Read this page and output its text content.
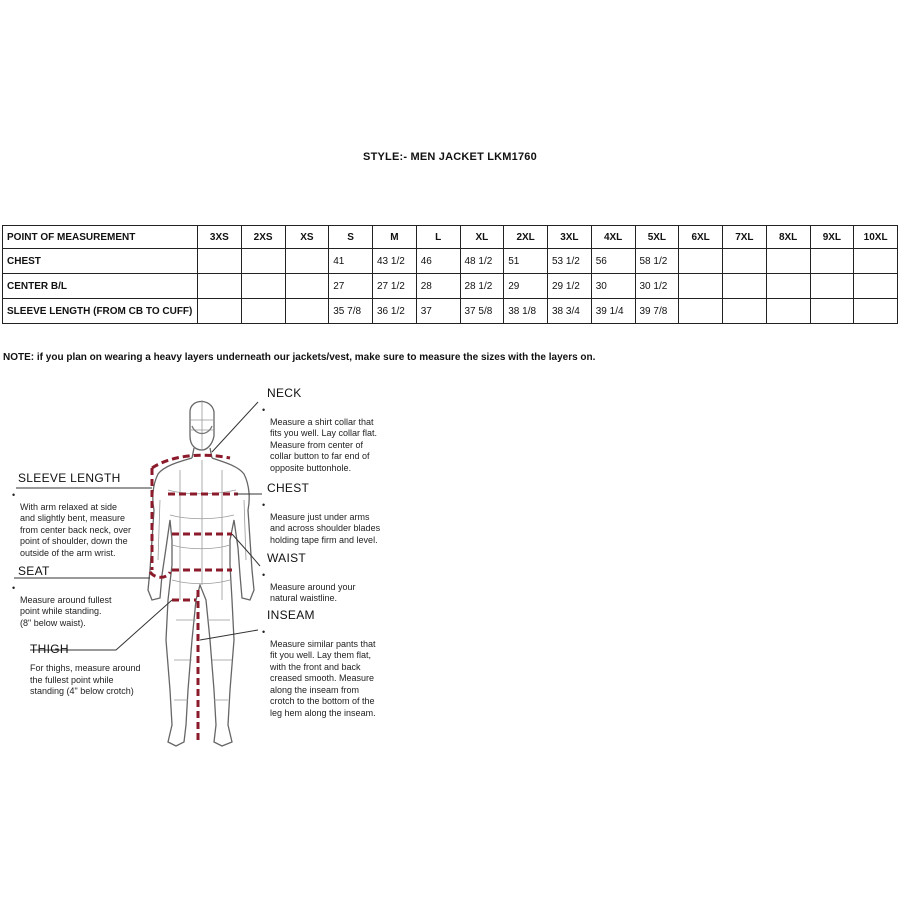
STYLE:- MEN JACKET LKM1760
POINT OF MEASUREMENT	3XS	2XS	XS	S	M	L	XL	2XL	3XL	4XL	5XL	6XL	7XL	8XL	9XL	10XL
CHEST				41	43 1/2	46	48 1/2	51	53 1/2	56	58 1/2					
CENTER B/L				27	27 1/2	28	28 1/2	29	29 1/2	30	30 1/2					
SLEEVE LENGTH (FROM CB TO CUFF)				35 7/8	36 1/2	37	37 5/8	38 1/8	38 3/4	39 1/4	39 7/8					
NOTE: if you plan on wearing a heavy layers underneath our jackets/vest, make sure to measure the sizes with the layers on.
NECK
• Measure a shirt collar that
fits you well. Lay collar flat.
Measure from center of
collar button to far end of
opposite buttonhole.
CHEST
• Measure just under arms
and across shoulder blades
holding tape firm and level.
WAIST
• Measure around your
natural waistline.
INSEAM
• Measure similar pants that
fit you well. Lay them flat,
with the front and back
creased smooth. Measure
along the inseam from
crotch to the bottom of the
leg hem along the inseam.
SLEEVE LENGTH
• With arm relaxed at side
and slightly bent, measure
from center back neck, over
point of shoulder, down the
outside of the arm wrist.
SEAT
• Measure around fullest
point while standing.
(8" below waist).
THIGH
For thighs, measure around
the fullest point while
standing (4" below crotch)
